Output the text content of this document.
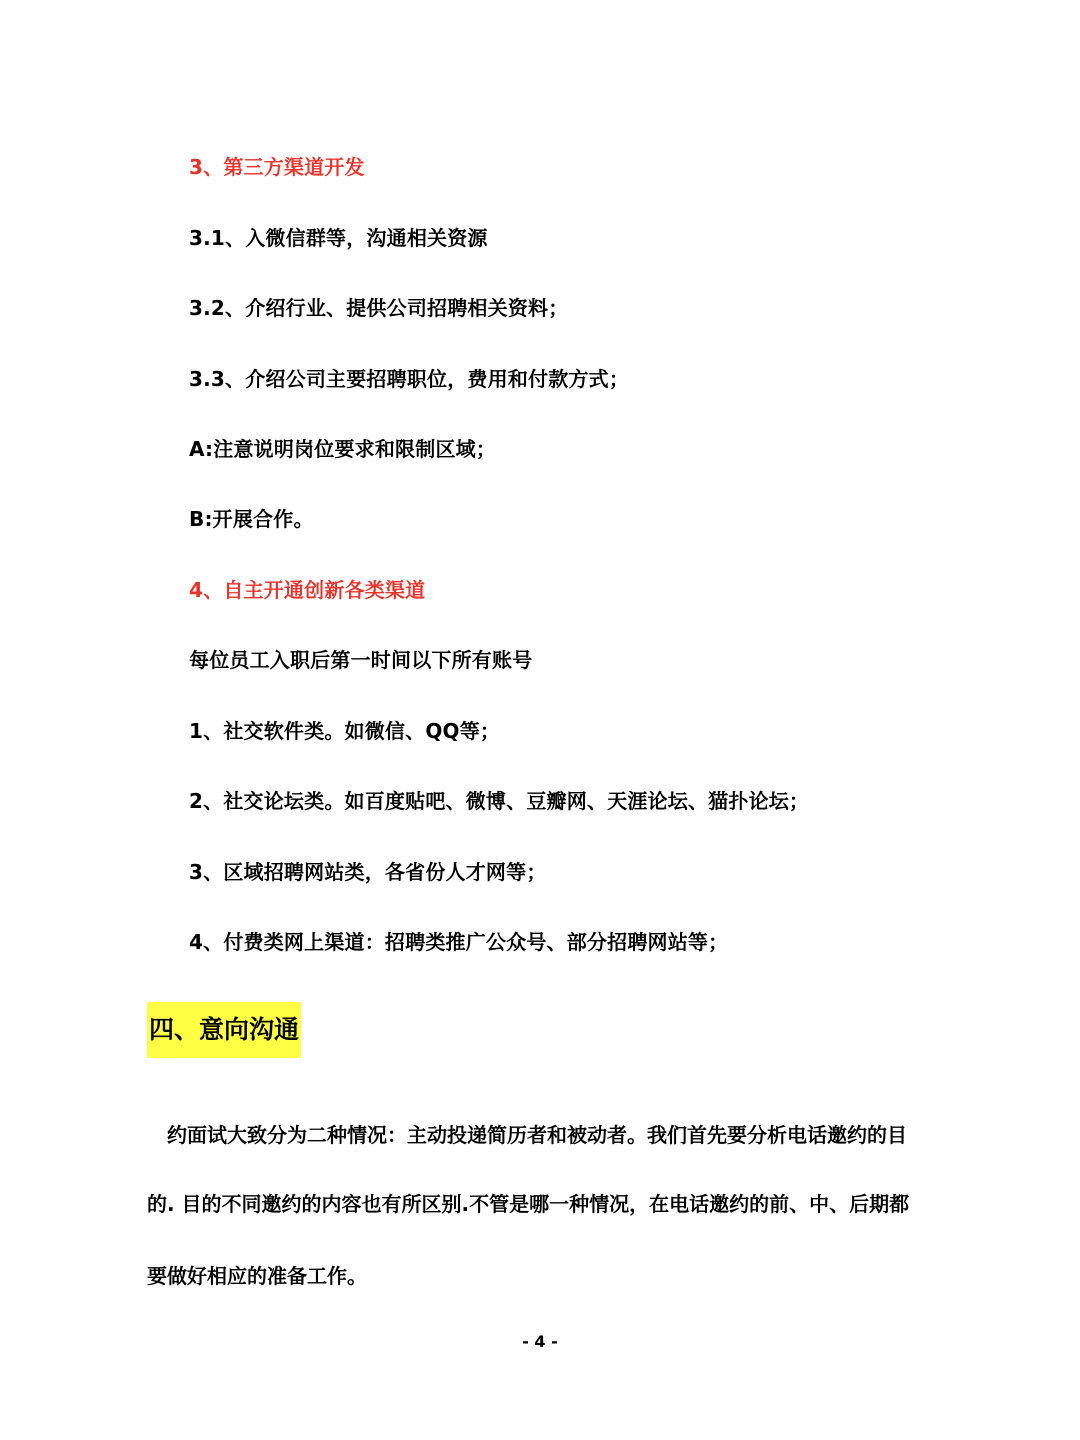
3、第三方渠道开发
3.1、入微信群等，沟通相关资源
3.2、介绍行业、提供公司招聘相关资料；
3.3、介绍公司主要招聘职位，费用和付款方式；
A:注意说明岗位要求和限制区域；
B:开展合作。
4、自主开通创新各类渠道
每位员工入职后第一时间以下所有账号
1、社交软件类。如微信、QQ等；
2、社交论坛类。如百度贴吧、微博、豆瓣网、天涯论坛、猫扑论坛；
3、区域招聘网站类，各省份人才网等；
4、付费类网上渠道：招聘类推广公众号、部分招聘网站等；
四、意向沟通
约面试大致分为二种情况：主动投递简历者和被动者。我们首先要分析电话邀约的目
的. 目的不同邀约的内容也有所区别.不管是哪一种情况，在电话邀约的前、中、后期都
要做好相应的准备工作。
- 4 -
